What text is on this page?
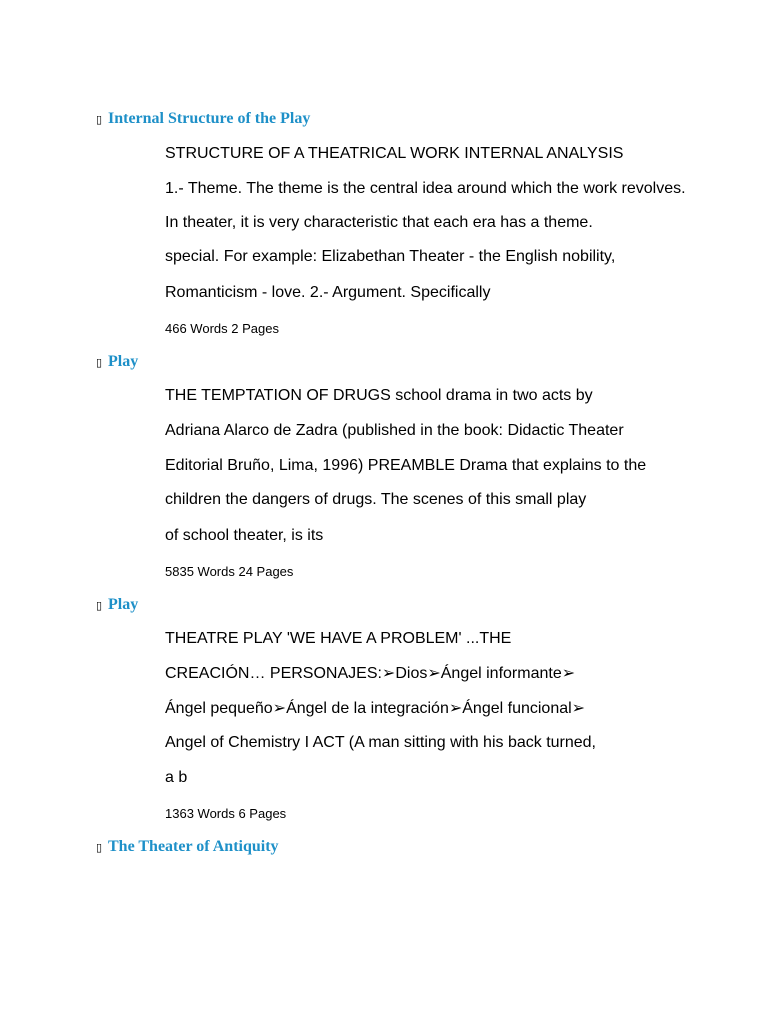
▯ Internal Structure of the Play
STRUCTURE OF A THEATRICAL WORK INTERNAL ANALYSIS
1.- Theme. The theme is the central idea around which the work revolves.
In theater, it is very characteristic that each era has a theme.
special. For example: Elizabethan Theater - the English nobility,
Romanticism - love. 2.- Argument. Specifically
466 Words 2 Pages
▯ Play
THE TEMPTATION OF DRUGS school drama in two acts by
Adriana Alarco de Zadra (published in the book: Didactic Theater
Editorial Bruño, Lima, 1996) PREAMBLE Drama that explains to the
children the dangers of drugs. The scenes of this small play
of school theater, is its
5835 Words 24 Pages
▯ Play
THEATRE PLAY 'WE HAVE A PROBLEM' ...THE
CREACIÓN… PERSONAJES:➢Dios➢Ángel informante➢
Ángel pequeño➢Ángel de la integración➢Ángel funcional➢
Angel of Chemistry I ACT (A man sitting with his back turned,
a b
1363 Words 6 Pages
▯ The Theater of Antiquity
